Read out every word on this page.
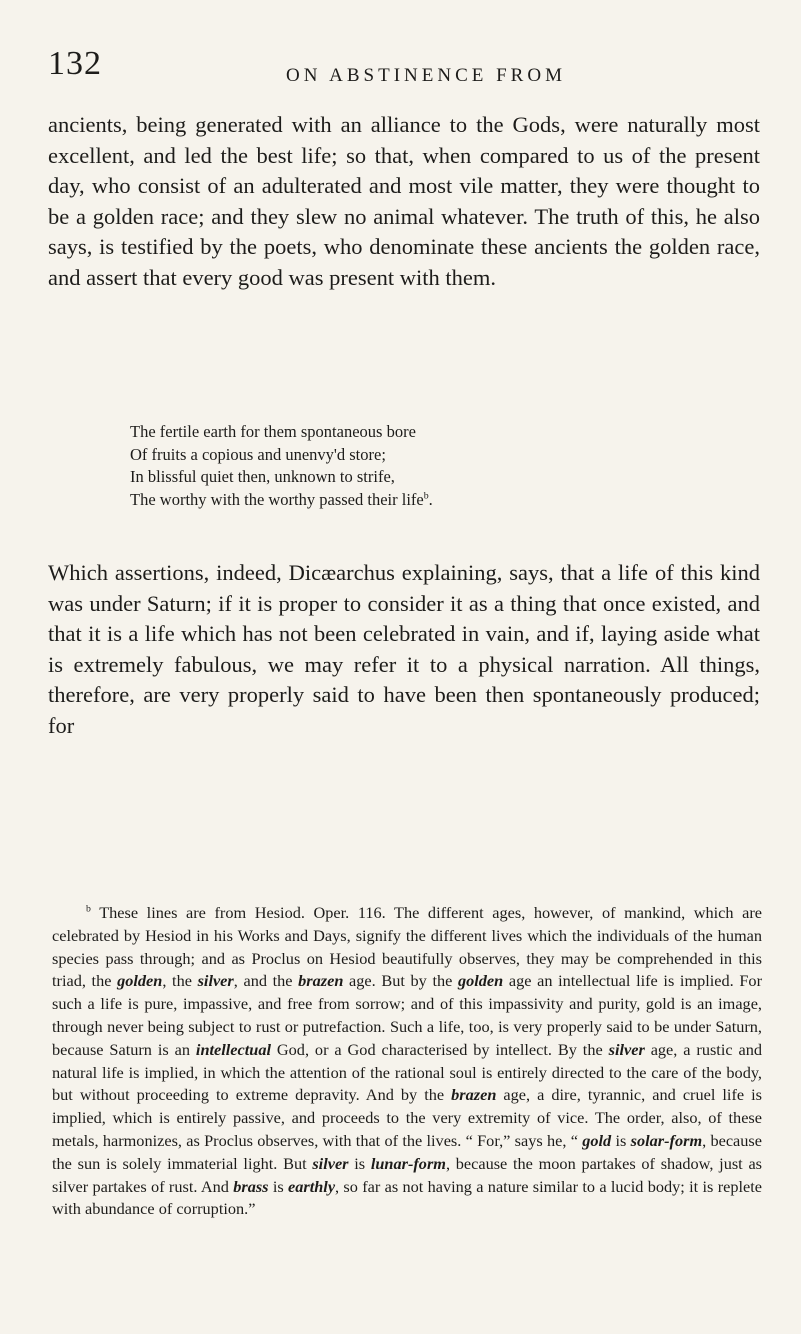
132	ON ABSTINENCE FROM

ancients, being generated with an alliance to the Gods, were naturally most excellent, and led the best life; so that, when compared to us of the present day, who consist of an adulterated and most vile matter, they were thought to be a golden race; and they slew no animal whatever. The truth of this, he also says, is testified by the poets, who denominate these ancients the golden race, and assert that every good was present with them.

The fertile earth for them spontaneous bore
Of fruits a copious and unenvy'd store;
In blissful quiet then, unknown to strife,
The worthy with the worthy passed their life$^b$.

Which assertions, indeed, Dicæarchus explaining, says, that a life of this kind was under Saturn; if it is proper to consider it as a thing that once existed, and that it is a life which has not been celebrated in vain, and if, laying aside what is extremely fabulous, we may refer it to a physical narration. All things, therefore, are very properly said to have been then spontaneously produced; for

$^b$ These lines are from Hesiod. Oper. 116. The different ages, however, of mankind, which are celebrated by Hesiod in his Works and Days, signify the different lives which the individuals of the human species pass through; and as Proclus on Hesiod beautifully observes, they may be comprehended in this triad, the golden, the silver, and the brazen age. But by the golden age an intellectual life is implied. For such a life is pure, impassive, and free from sorrow; and of this impassivity and purity, gold is an image, through never being subject to rust or putrefaction. Such a life, too, is very properly said to be under Saturn, because Saturn is an intellectual God, or a God characterised by intellect. By the silver age, a rustic and natural life is implied, in which the attention of the rational soul is entirely directed to the care of the body, but without proceeding to extreme depravity. And by the brazen age, a dire, tyrannic, and cruel life is implied, which is entirely passive, and proceeds to the very extremity of vice. The order, also, of these metals, harmonizes, as Proclus observes, with that of the lives. “ For,” says he, “ gold is solar-form, because the sun is solely immaterial light. But silver is lunar-form, because the moon partakes of shadow, just as silver partakes of rust. And brass is earthly, so far as not having a nature similar to a lucid body; it is replete with abundance of corruption.”
